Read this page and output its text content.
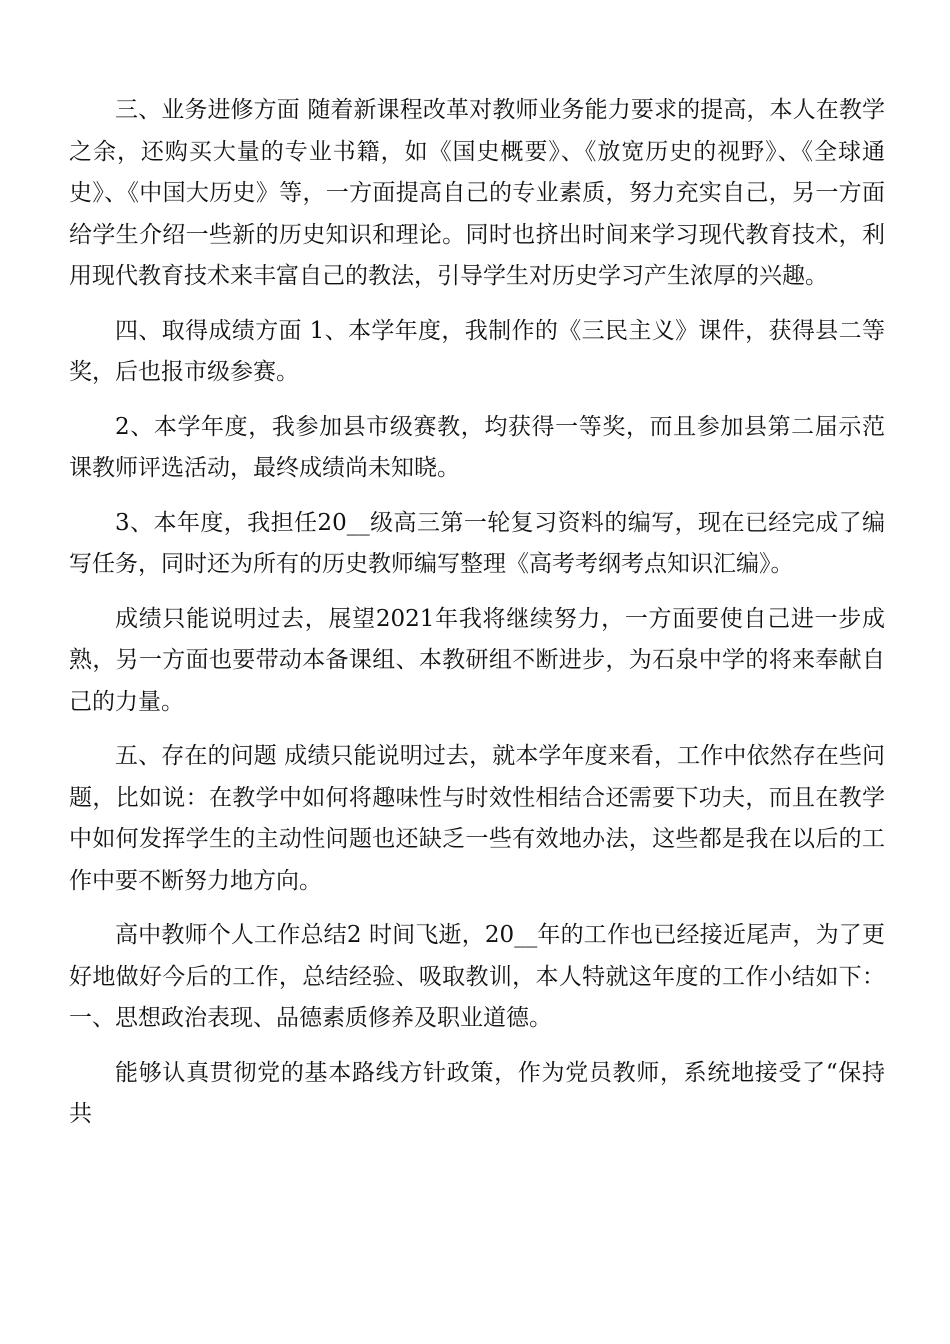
三、业务进修方面 随着新课程改革对教师业务能力要求的提高，本人在教学之余，还购买大量的专业书籍，如《国史概要》、《放宽历史的视野》、《全球通史》、《中国大历史》等，一方面提高自己的专业素质，努力充实自己，另一方面给学生介绍一些新的历史知识和理论。同时也挤出时间来学习现代教育技术，利用现代教育技术来丰富自己的教法，引导学生对历史学习产生浓厚的兴趣。

四、取得成绩方面 1、本学年度，我制作的《三民主义》课件，获得县二等奖，后也报市级参赛。

2、本学年度，我参加县市级赛教，均获得一等奖，而且参加县第二届示范课教师评选活动，最终成绩尚未知晓。

3、本年度，我担任20__级高三第一轮复习资料的编写，现在已经完成了编写任务，同时还为所有的历史教师编写整理《高考考纲考点知识汇编》。

成绩只能说明过去，展望2021年我将继续努力，一方面要使自己进一步成熟，另一方面也要带动本备课组、本教研组不断进步，为石泉中学的将来奉献自己的力量。

五、存在的问题 成绩只能说明过去，就本学年度来看，工作中依然存在些问题，比如说：在教学中如何将趣味性与时效性相结合还需要下功夫，而且在教学中如何发挥学生的主动性问题也还缺乏一些有效地办法，这些都是我在以后的工作中要不断努力地方向。

高中教师个人工作总结2 时间飞逝，20__年的工作也已经接近尾声，为了更好地做好今后的工作，总结经验、吸取教训，本人特就这年度的工作小结如下： 一、思想政治表现、品德素质修养及职业道德。

能够认真贯彻党的基本路线方针政策，作为党员教师，系统地接受了“保持共
